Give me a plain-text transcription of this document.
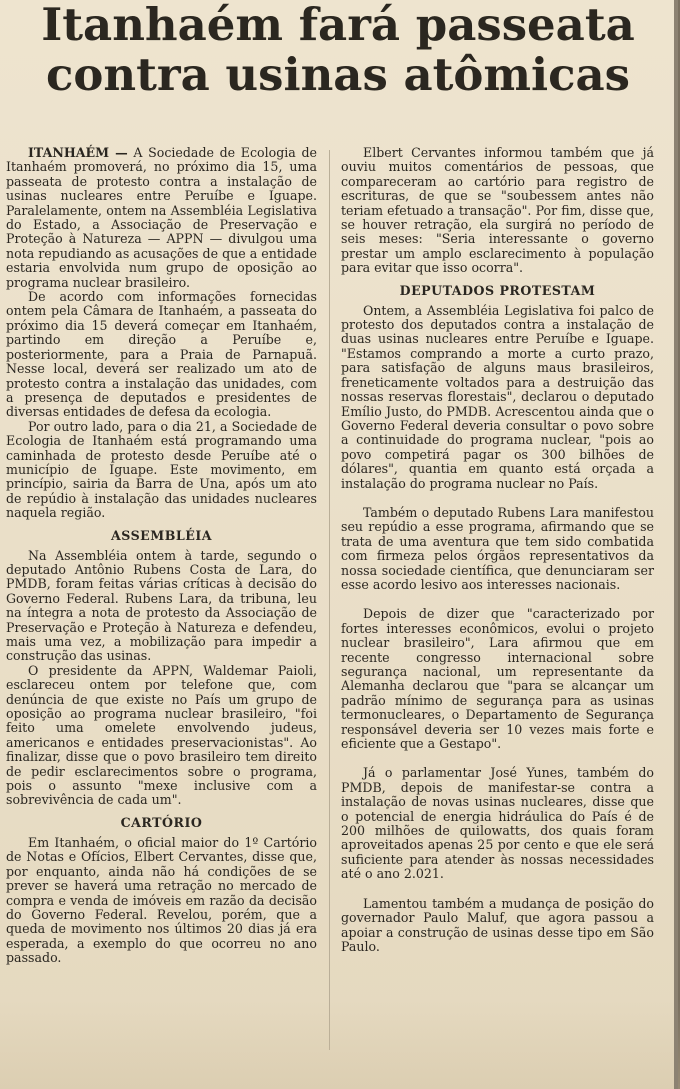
Itanhaém fará passeata
contra usinas atômicas

ITANHAÉM — A Sociedade de Ecologia de Itanhaém promoverá, no próximo dia 15, uma passeata de protesto contra a instalação de usinas nucleares entre Peruíbe e Iguape. Paralelamente, ontem na Assembléia Legislativa do Estado, a Associação de Preservação e Proteção à Natureza — APPN — divulgou uma nota repudiando as acusações de que a entidade estaria envolvida num grupo de oposição ao programa nuclear brasileiro.

De acordo com informações fornecidas ontem pela Câmara de Itanhaém, a passeata do próximo dia 15 deverá começar em Itanhaém, partindo em direção a Peruíbe e, posteriormente, para a Praia de Parnapuã. Nesse local, deverá ser realizado um ato de protesto contra a instalação das unidades, com a presença de deputados e presidentes de diversas entidades de defesa da ecologia.

Por outro lado, para o dia 21, a Sociedade de Ecologia de Itanhaém está programando uma caminhada de protesto desde Peruíbe até o município de Iguape. Este movimento, em princípio, sairia da Barra de Una, após um ato de repúdio à instalação das unidades nucleares naquela região.

ASSEMBLÉIA

Na Assembléia ontem à tarde, segundo o deputado Antônio Rubens Costa de Lara, do PMDB, foram feitas várias críticas à decisão do Governo Federal. Rubens Lara, da tribuna, leu na íntegra a nota de protesto da Associação de Preservação e Proteção à Natureza e defendeu, mais uma vez, a mobilização para impedir a construção das usinas.

O presidente da APPN, Waldemar Paioli, esclareceu ontem por telefone que, com denúncia de que existe no País um grupo de oposição ao programa nuclear brasileiro, "foi feito uma omelete envolvendo judeus, americanos e entidades preservacionistas". Ao finalizar, disse que o povo brasileiro tem direito de pedir esclarecimentos sobre o programa, pois o assunto "mexe inclusive com a sobrevivência de cada um".

CARTÓRIO

Em Itanhaém, o oficial maior do 1º Cartório de Notas e Ofícios, Elbert Cervantes, disse que, por enquanto, ainda não há condições de se prever se haverá uma retração no mercado de compra e venda de imóveis em razão da decisão do Governo Federal. Revelou, porém, que a queda de movimento nos últimos 20 dias já era esperada, a exemplo do que ocorreu no ano passado.

Elbert Cervantes informou também que já ouviu muitos comentários de pessoas, que compareceram ao cartório para registro de escrituras, de que se "soubessem antes não teriam efetuado a transação". Por fim, disse que, se houver retração, ela surgirá no período de seis meses: "Seria interessante o governo prestar um amplo esclarecimento à população para evitar que isso ocorra".

DEPUTADOS PROTESTAM

Ontem, a Assembléia Legislativa foi palco de protesto dos deputados contra a instalação de duas usinas nucleares entre Peruíbe e Iguape. "Estamos comprando a morte a curto prazo, para satisfação de alguns maus brasileiros, freneticamente voltados para a destruição das nossas reservas florestais", declarou o deputado Emílio Justo, do PMDB. Acrescentou ainda que o Governo Federal deveria consultar o povo sobre a continuidade do programa nuclear, "pois ao povo competirá pagar os 300 bilhões de dólares", quantia em quanto está orçada a instalação do programa nuclear no País.

Também o deputado Rubens Lara manifestou seu repúdio a esse programa, afirmando que se trata de uma aventura que tem sido combatida com firmeza pelos órgãos representativos da nossa sociedade científica, que denunciaram ser esse acordo lesivo aos interesses nacionais.

Depois de dizer que "caracterizado por fortes interesses econômicos, evolui o projeto nuclear brasileiro", Lara afirmou que em recente congresso internacional sobre segurança nacional, um representante da Alemanha declarou que "para se alcançar um padrão mínimo de segurança para as usinas termonucleares, o Departamento de Segurança responsável deveria ser 10 vezes mais forte e eficiente que a Gestapo".

Já o parlamentar José Yunes, também do PMDB, depois de manifestar-se contra a instalação de novas usinas nucleares, disse que o potencial de energia hidráulica do País é de 200 milhões de quilowatts, dos quais foram aproveitados apenas 25 por cento e que ele será suficiente para atender às nossas necessidades até o ano 2.021.

Lamentou também a mudança de posição do governador Paulo Maluf, que agora passou a apoiar a construção de usinas desse tipo em São Paulo.
